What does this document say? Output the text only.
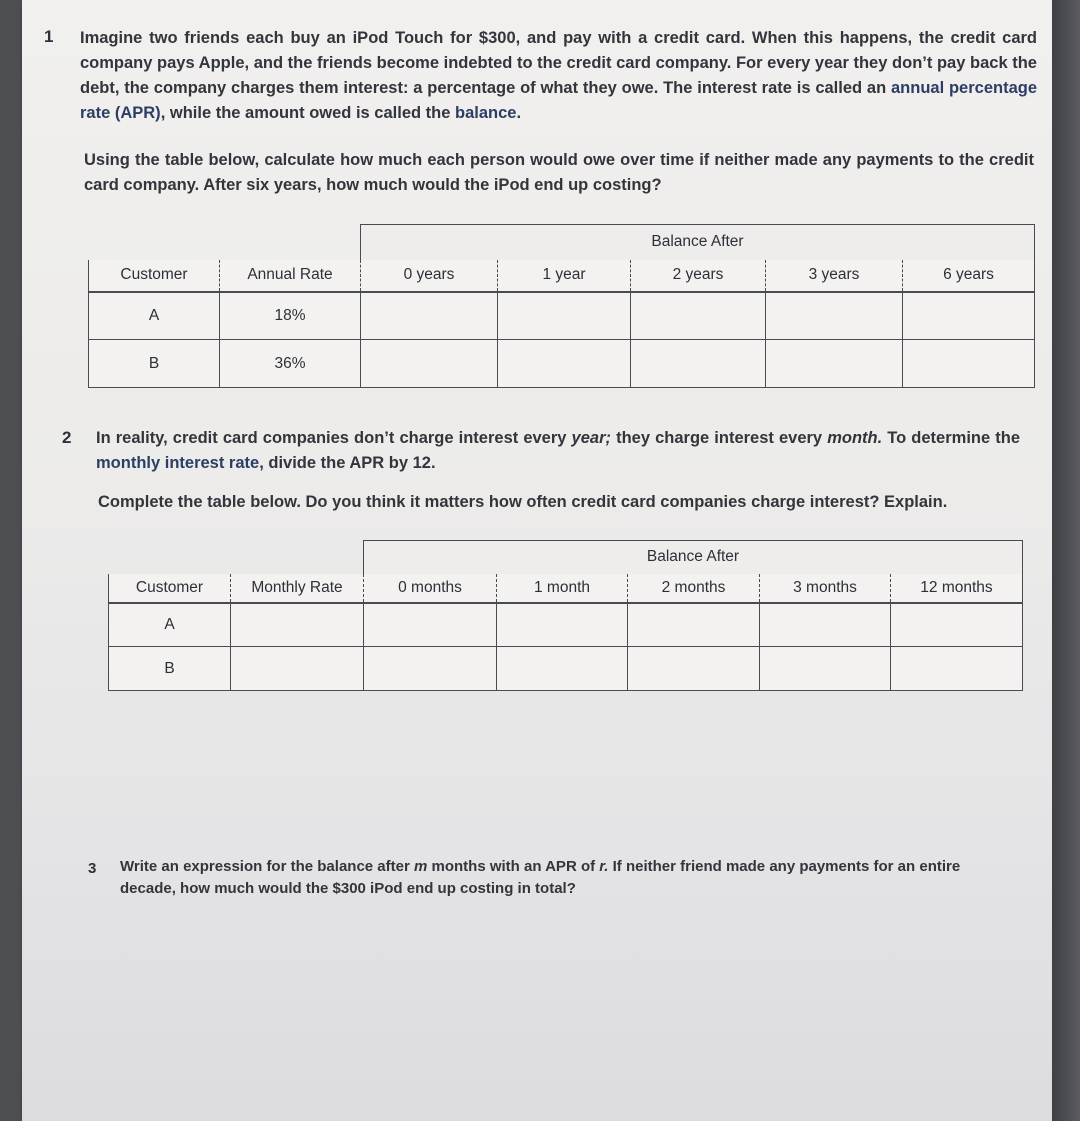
1 Imagine two friends each buy an iPod Touch for $300, and pay with a credit card. When this happens, the credit card company pays Apple, and the friends become indebted to the credit card company. For every year they don’t pay back the debt, the company charges them interest: a percentage of what they owe. The interest rate is called an annual percentage rate (APR), while the amount owed is called the balance.

Using the table below, calculate how much each person would owe over time if neither made any payments to the credit card company. After six years, how much would the iPod end up costing?
		Balance After				
Customer	Annual Rate	0 years	1 year	2 years	3 years	6 years
A	18%					
B	36%					
2 In reality, credit card companies don’t charge interest every year; they charge interest every month. To determine the monthly interest rate, divide the APR by 12.

Complete the table below. Do you think it matters how often credit card companies charge interest? Explain.
		Balance After				
Customer	Monthly Rate	0 months	1 month	2 months	3 months	12 months
A						
B						
3 Write an expression for the balance after m months with an APR of r. If neither friend made any payments for an entire decade, how much would the $300 iPod end up costing in total?
